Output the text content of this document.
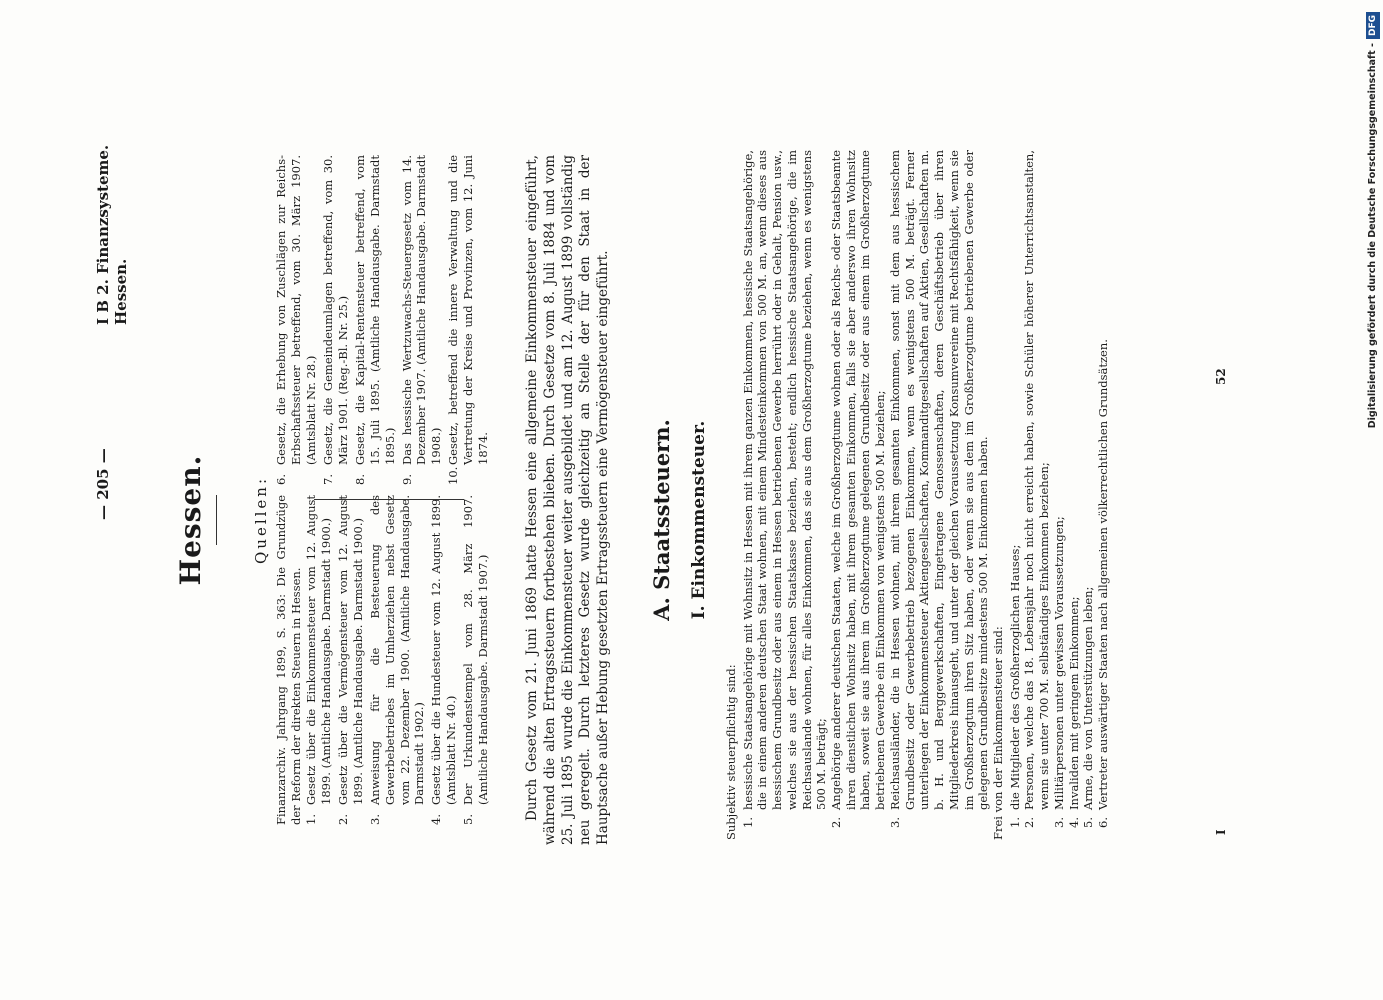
— 205 —
I B 2. Finanzsysteme. Hessen.
Hessen.	Quellen: Finanzarchiv. Jahrgang 1899, S. 363: Die Grundzüge der Reform der direkten Steuern in Hessen. 1.
Gesetz über die Einkommensteuer vom 12. August 1899. (Amtliche Handausgabe. Darmstadt 1900.)
2.
Gesetz über die Vermögensteuer vom 12. August 1899. (Amtliche Handausgabe. Darmstadt 1900.)
3.
Anweisung für die Besteuerung des Gewerbebetriebes im Umherziehen nebst Gesetz vom 22. Dezember 1900. (Amtliche Handausgabe. Darmstadt 1902.)
4.
Gesetz über die Hundesteuer vom 12. August 1899. (Amtsblatt Nr. 40.)
5.
Der Urkundenstempel vom 28. März 1907. (Amtliche Handausgabe. Darmstadt 1907.)
6.
Gesetz, die Erhebung von Zuschlägen zur Reichs-Erbschaftssteuer betreffend, vom 30. März 1907. (Amtsblatt Nr. 28.)
7.
Gesetz, die Gemeindeumlagen betreffend, vom 30. März 1901. (Reg.-Bl. Nr. 25.)
8.
Gesetz, die Kapital-Rentensteuer betreffend, vom 15. Juli 1895. (Amtliche Handausgabe. Darmstadt 1895.)
9.
Das hessische Wertzuwachs-Steuergesetz vom 14. Dezember 1907. (Amtliche Handausgabe. Darmstadt 1908.)
10.
Gesetz, betreffend die innere Verwaltung und die Vertretung der Kreise und Provinzen, vom 12. Juni 1874.	Durch Gesetz vom 21. Juni 1869 hatte Hessen eine allgemeine Einkommensteuer eingeführt, während die alten Ertragssteuern fortbestehen blieben. Durch Gesetze vom 8. Juli 1884 und vom 25. Juli 1895 wurde die Einkommensteuer weiter ausgebildet und am 12. August 1899 vollständig neu geregelt. Durch letzteres Gesetz wurde gleichzeitig an Stelle der für den Staat in der Hauptsache außer Hebung gesetzten Ertragssteuern eine Vermögensteuer eingeführt. A. Staatssteuern. I. Einkommensteuer.
Subjektiv steuerpflichtig sind: 1.
hessische Staatsangehörige mit Wohnsitz in Hessen mit ihrem ganzen Einkommen, hessische Staatsangehörige, die in einem anderen deutschen Staat wohnen, mit einem Mindesteinkommen von 500 M. an, wenn dieses aus hessischem Grundbesitz oder aus einem in Hessen betriebenen Gewerbe herrührt oder in Gehalt, Pension usw., welches sie aus der hessischen Staatskasse beziehen, besteht; endlich hessische Staatsangehörige, die im Reichsauslande wohnen, für alles Einkommen, das sie aus dem Großherzogtume beziehen, wenn es wenigstens 500 M. beträgt;
2.
Angehörige anderer deutschen Staaten, welche im Großherzogtume wohnen oder als Reichs- oder Staatsbeamte ihren dienstlichen Wohnsitz haben, mit ihrem gesamten Einkommen, falls sie aber anderswo ihren Wohnsitz haben, soweit sie aus ihrem im Großherzogtume gelegenen Grundbesitz oder aus einem im Großherzogtume betriebenen Gewerbe ein Einkommen von wenigstens 500 M. beziehen;
3.
Reichsausländer, die in Hessen wohnen, mit ihrem gesamten Einkommen, sonst mit dem aus hessischem Grundbesitz oder Gewerbebetrieb bezogenen Einkommen, wenn es wenigstens 500 M. beträgt. Ferner unterliegen der Einkommensteuer Aktiengesellschaften, Kommanditgesellschaften auf Aktien, Gesellschaften m. b. H. und Berggewerkschaften, Eingetragene Genossenschaften, deren Geschäftsbetrieb über ihren Mitgliederkreis hinausgeht, und unter der gleichen Voraussetzung Konsumvereine mit Rechtsfähigkeit, wenn sie im Großherzogtum ihren Sitz haben, oder wenn sie aus dem im Großherzogtume betriebenen Gewerbe oder gelegenen Grundbesitze mindestens 500 M. Einkommen haben. Frei von der Einkommensteuer sind: 1.
die Mitglieder des Großherzoglichen Hauses;
2.
Personen, welche das 18. Lebensjahr noch nicht erreicht haben, sowie Schüler höherer Unterrichtsanstalten, wenn sie unter 700 M. selbständiges Einkommen beziehen;
3.
Militärpersonen unter gewissen Voraussetzungen;
4.
Invaliden mit geringem Einkommen;
5.
Arme, die von Unterstützungen leben;
6.
Vertreter auswärtiger Staaten nach allgemeinen völkerrechtlichen Grundsätzen.
I
52	Digitalisierung gefördert durch die Deutsche Forschungsgemeinschaft -DFG
